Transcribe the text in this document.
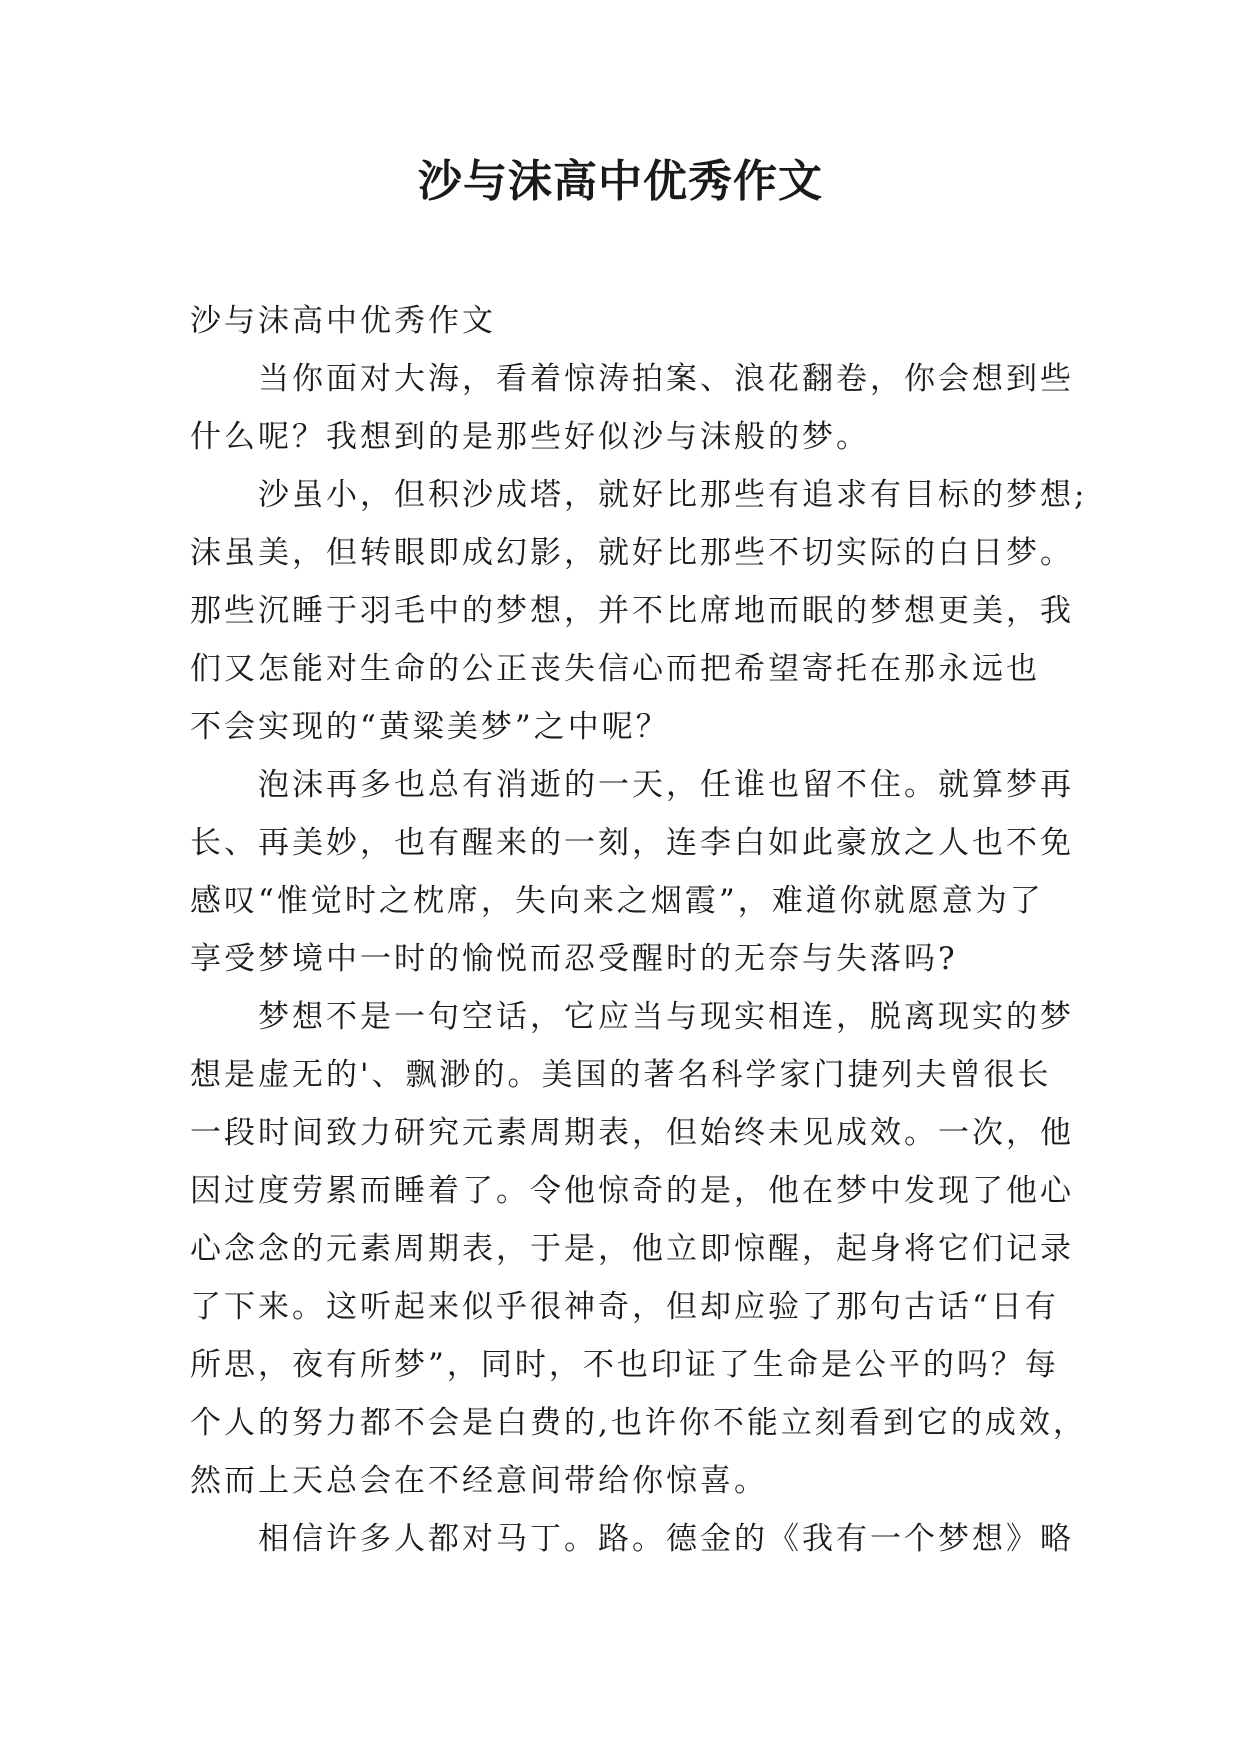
沙与沫高中优秀作文
沙与沫高中优秀作文
当你面对大海，看着惊涛拍案、浪花翻卷，你会想到些
什么呢？我想到的是那些好似沙与沫般的梦。
沙虽小，但积沙成塔，就好比那些有追求有目标的梦想;
沫虽美，但转眼即成幻影，就好比那些不切实际的白日梦。
那些沉睡于羽毛中的梦想，并不比席地而眠的梦想更美，我
们又怎能对生命的公正丧失信心而把希望寄托在那永远也
不会实现的“黄粱美梦”之中呢？
泡沫再多也总有消逝的一天，任谁也留不住。就算梦再
长、再美妙，也有醒来的一刻，连李白如此豪放之人也不免
感叹“惟觉时之枕席，失向来之烟霞”，难道你就愿意为了
享受梦境中一时的愉悦而忍受醒时的无奈与失落吗?
梦想不是一句空话，它应当与现实相连，脱离现实的梦
想是虚无的'、飘渺的。美国的著名科学家门捷列夫曾很长
一段时间致力研究元素周期表，但始终未见成效。一次，他
因过度劳累而睡着了。令他惊奇的是，他在梦中发现了他心
心念念的元素周期表，于是，他立即惊醒，起身将它们记录
了下来。这听起来似乎很神奇，但却应验了那句古话“日有
所思，夜有所梦”，同时，不也印证了生命是公平的吗？每
个人的努力都不会是白费的,也许你不能立刻看到它的成效，
然而上天总会在不经意间带给你惊喜。
相信许多人都对马丁。路。德金的《我有一个梦想》略
